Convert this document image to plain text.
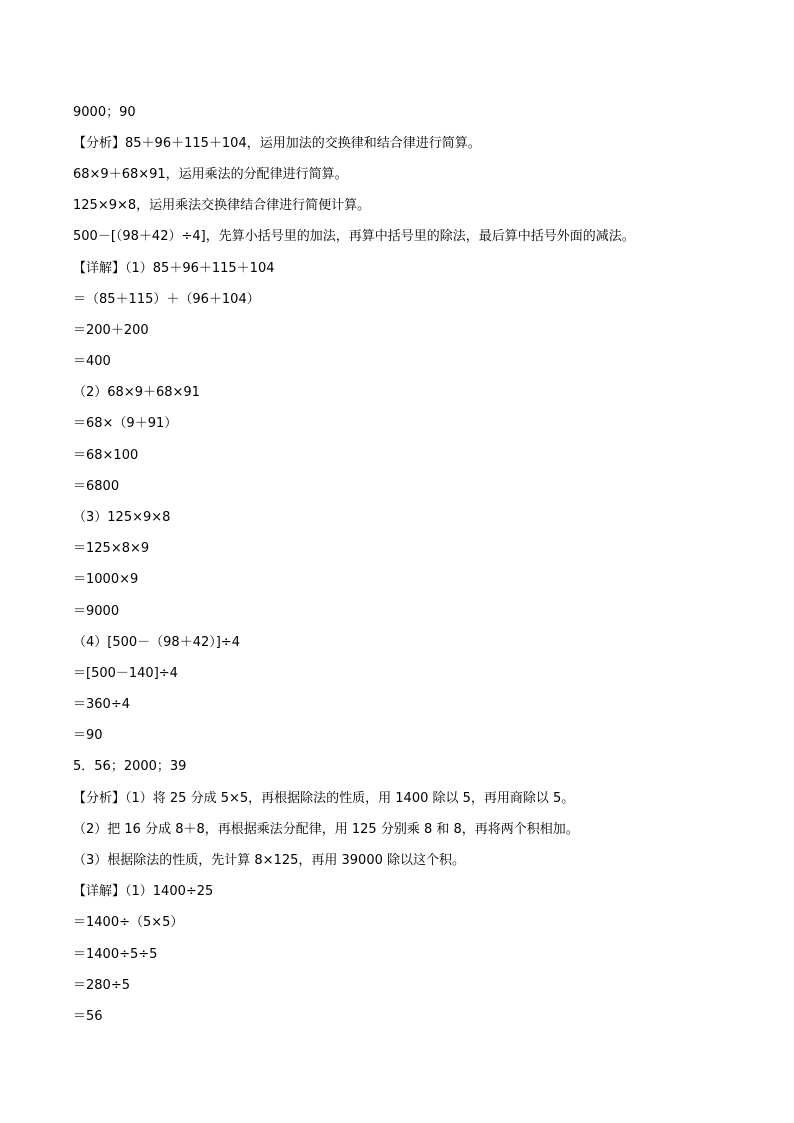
9000；90
【分析】85＋96＋115＋104，运用加法的交换律和结合律进行简算。
68×9＋68×91，运用乘法的分配律进行简算。
125×9×8，运用乘法交换律结合律进行简便计算。
500－[（98＋42）÷4]，先算小括号里的加法，再算中括号里的除法，最后算中括号外面的减法。
【详解】（1）85＋96＋115＋104
＝（85＋115）＋（96＋104）
＝200＋200
＝400
（2）68×9＋68×91
＝68×（9＋91）
＝68×100
＝6800
（3）125×9×8
＝125×8×9
＝1000×9
＝9000
（4）[500－（98＋42）]÷4
＝[500－140]÷4
＝360÷4
＝90
5．56；2000；39
【分析】（1）将 25 分成 5×5，再根据除法的性质，用 1400 除以 5，再用商除以 5。
（2）把 16 分成 8＋8，再根据乘法分配律，用 125 分别乘 8 和 8，再将两个积相加。
（3）根据除法的性质，先计算 8×125，再用 39000 除以这个积。
【详解】（1）1400÷25
＝1400÷（5×5）
＝1400÷5÷5
＝280÷5
＝56
